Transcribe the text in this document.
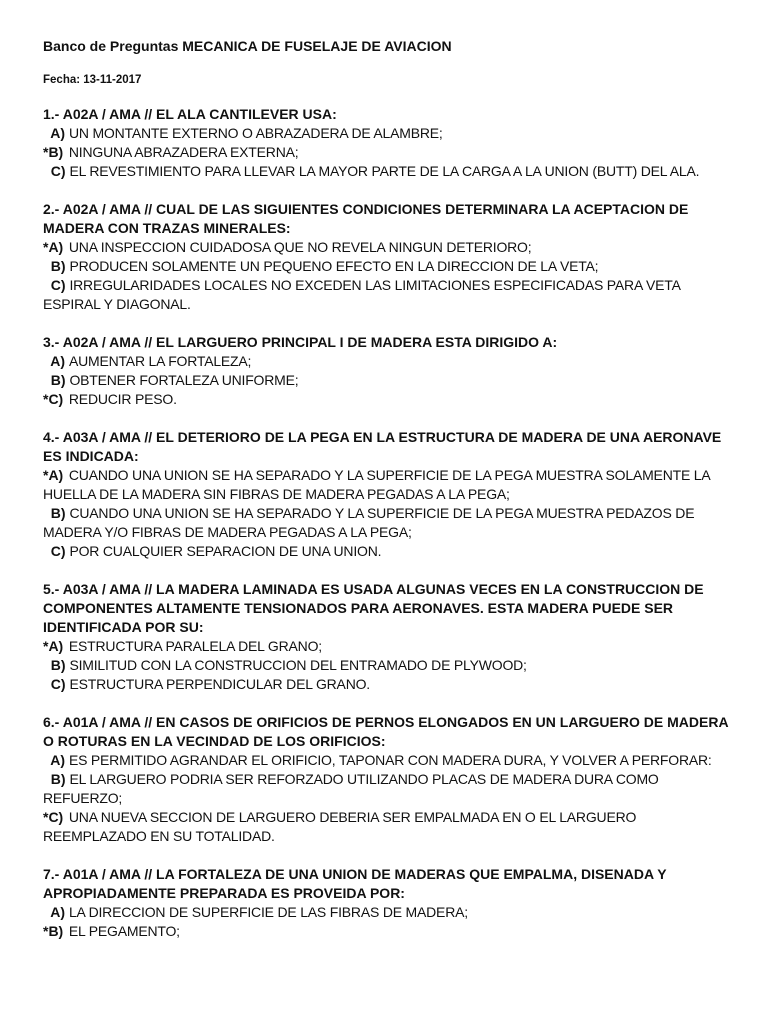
Banco de Preguntas MECANICA DE FUSELAJE DE AVIACION
Fecha: 13-11-2017

1.- A02A / AMA // EL ALA CANTILEVER USA:

A) UN MONTANTE EXTERNO O ABRAZADERA DE ALAMBRE;

*B) NINGUNA ABRAZADERA EXTERNA;

C) EL REVESTIMIENTO PARA LLEVAR LA MAYOR PARTE DE LA CARGA A LA UNION (BUTT) DEL ALA.

2.- A02A / AMA // CUAL DE LAS SIGUIENTES CONDICIONES DETERMINARA LA ACEPTACION DE MADERA CON TRAZAS MINERALES:

*A) UNA INSPECCION CUIDADOSA QUE NO REVELA NINGUN DETERIORO;

B) PRODUCEN SOLAMENTE UN PEQUENO EFECTO EN LA DIRECCION DE LA VETA;

C) IRREGULARIDADES LOCALES NO EXCEDEN LAS LIMITACIONES ESPECIFICADAS PARA VETA ESPIRAL Y DIAGONAL.

3.- A02A / AMA // EL LARGUERO PRINCIPAL I DE MADERA ESTA DIRIGIDO A:

A) AUMENTAR LA FORTALEZA;

B) OBTENER FORTALEZA UNIFORME;

*C) REDUCIR PESO.

4.- A03A / AMA // EL DETERIORO DE LA PEGA EN LA ESTRUCTURA DE MADERA DE UNA AERONAVE ES INDICADA:

*A) CUANDO UNA UNION SE HA SEPARADO Y LA SUPERFICIE DE LA PEGA MUESTRA SOLAMENTE LA HUELLA DE LA MADERA SIN FIBRAS DE MADERA PEGADAS A LA PEGA;

B) CUANDO UNA UNION SE HA SEPARADO Y LA SUPERFICIE DE LA PEGA MUESTRA PEDAZOS DE MADERA Y/O FIBRAS DE MADERA PEGADAS A LA PEGA;

C) POR CUALQUIER SEPARACION DE UNA UNION.

5.- A03A / AMA // LA MADERA LAMINADA ES USADA ALGUNAS VECES EN LA CONSTRUCCION DE COMPONENTES ALTAMENTE TENSIONADOS PARA AERONAVES. ESTA MADERA PUEDE SER IDENTIFICADA POR SU:

*A) ESTRUCTURA PARALELA DEL GRANO;

B) SIMILITUD CON LA CONSTRUCCION DEL ENTRAMADO DE PLYWOOD;

C) ESTRUCTURA PERPENDICULAR DEL GRANO.

6.- A01A / AMA // EN CASOS DE ORIFICIOS DE PERNOS ELONGADOS EN UN LARGUERO DE MADERA O ROTURAS EN LA VECINDAD DE LOS ORIFICIOS:

A) ES PERMITIDO AGRANDAR EL ORIFICIO, TAPONAR CON MADERA DURA, Y VOLVER A PERFORAR:

B) EL LARGUERO PODRIA SER REFORZADO UTILIZANDO PLACAS DE MADERA DURA COMO REFUERZO;

*C) UNA NUEVA SECCION DE LARGUERO DEBERIA SER EMPALMADA EN O EL LARGUERO REEMPLAZADO EN SU TOTALIDAD.

7.- A01A / AMA // LA FORTALEZA DE UNA UNION DE MADERAS QUE EMPALMA, DISENADA Y APROPIADAMENTE PREPARADA ES PROVEIDA POR:

A) LA DIRECCION DE SUPERFICIE DE LAS FIBRAS DE MADERA;

*B) EL PEGAMENTO;
